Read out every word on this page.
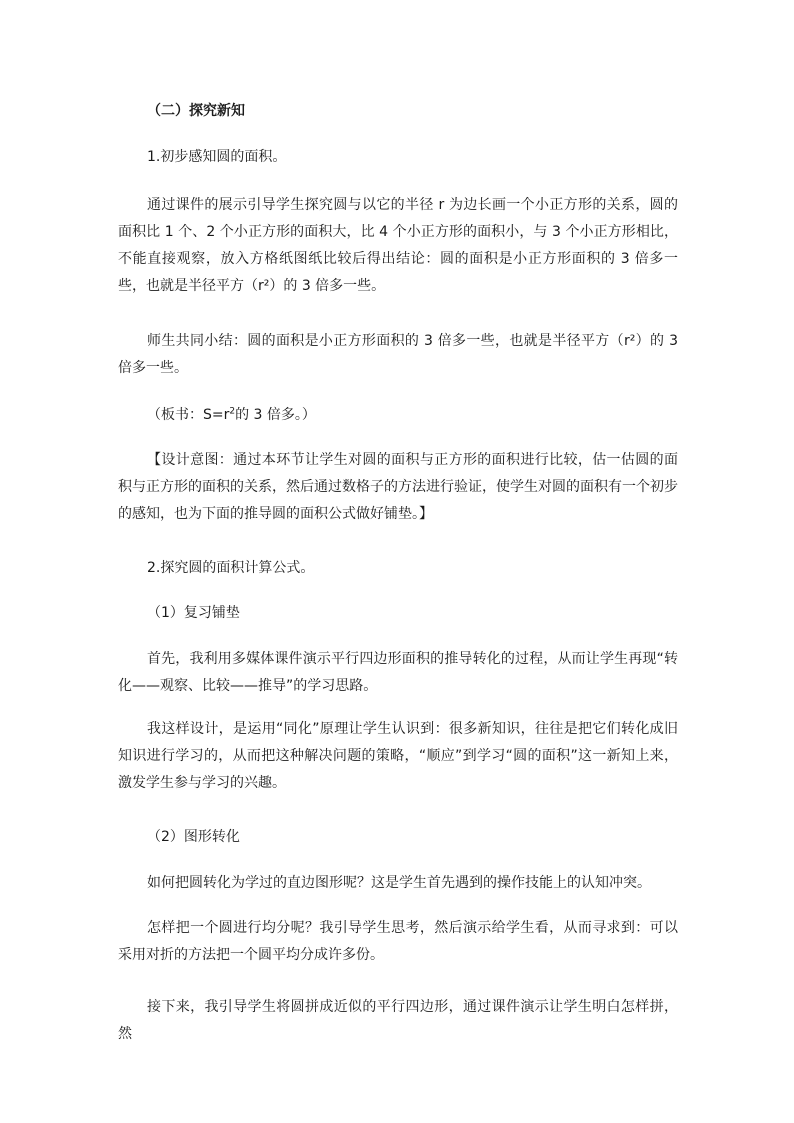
（二）探究新知

1.初步感知圆的面积。

通过课件的展示引导学生探究圆与以它的半径 r 为边长画一个小正方形的关系，圆的面积比 1 个、2 个小正方形的面积大，比 4 个小正方形的面积小，与 3 个小正方形相比，不能直接观察，放入方格纸图纸比较后得出结论：圆的面积是小正方形面积的 3 倍多一些，也就是半径平方（r²）的 3 倍多一些。

师生共同小结：圆的面积是小正方形面积的 3 倍多一些，也就是半径平方（r²）的 3 倍多一些。

（板书：$S=r^2$的 3 倍多。）

【设计意图：通过本环节让学生对圆的面积与正方形的面积进行比较，估一估圆的面积与正方形的面积的关系，然后通过数格子的方法进行验证，使学生对圆的面积有一个初步的感知，也为下面的推导圆的面积公式做好铺垫。】

2.探究圆的面积计算公式。

（1）复习铺垫

首先，我利用多媒体课件演示平行四边形面积的推导转化的过程，从而让学生再现“转化——观察、比较——推导”的学习思路。

我这样设计，是运用“同化”原理让学生认识到：很多新知识，往往是把它们转化成旧知识进行学习的，从而把这种解决问题的策略，“顺应”到学习“圆的面积”这一新知上来，激发学生参与学习的兴趣。

（2）图形转化

如何把圆转化为学过的直边图形呢？这是学生首先遇到的操作技能上的认知冲突。

怎样把一个圆进行均分呢？我引导学生思考，然后演示给学生看，从而寻求到：可以采用对折的方法把一个圆平均分成许多份。

接下来，我引导学生将圆拼成近似的平行四边形，通过课件演示让学生明白怎样拼，然
